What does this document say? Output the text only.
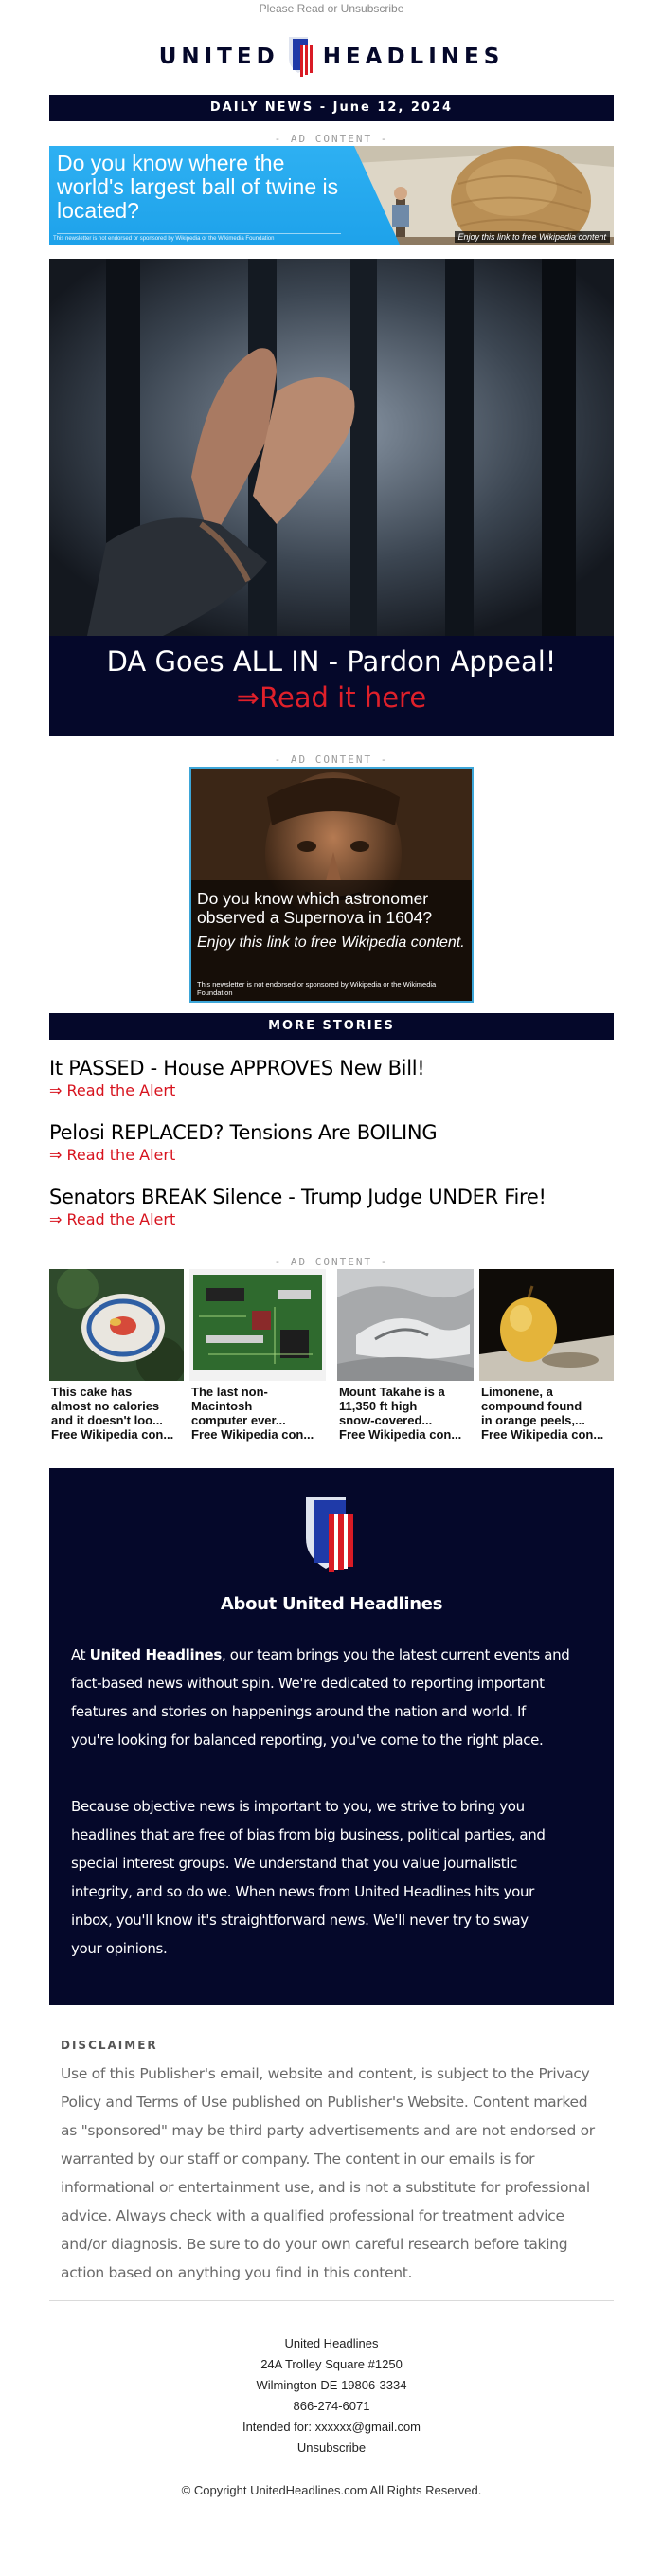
Please Read or Unsubscribe
UNITED HEADLINES
DAILY NEWS - June 12, 2024
- AD CONTENT -
Do you know where the world's largest ball of twine is located?
This newsletter is not endorsed or sponsored by Wikipedia or the Wikimedia Foundation	Enjoy this link to free Wikipedia content
DA Goes ALL IN - Pardon Appeal!
⇒Read it here
- AD CONTENT -
Do you know which astronomer observed a Supernova in 1604?
Enjoy this link to free Wikipedia content.
This newsletter is not endorsed or sponsored by Wikipedia or the Wikimedia Foundation
MORE STORIES
It PASSED - House APPROVES New Bill!
⇒ Read the Alert
Pelosi REPLACED? Tensions Are BOILING
⇒ Read the Alert
Senators BREAK Silence - Trump Judge UNDER Fire!
⇒ Read the Alert
- AD CONTENT -
This cake has
almost no calories
and it doesn't loo...
Free Wikipedia con...
The last non-
Macintosh
computer ever...
Free Wikipedia con...
Mount Takahe is a
11,350 ft high
snow-covered...
Free Wikipedia con...
Limonene, a
compound found
in orange peels,...
Free Wikipedia con...
About United Headlines
At United Headlines, our team brings you the latest current events and
fact-based news without spin. We're dedicated to reporting important
features and stories on happenings around the nation and world. If
you're looking for balanced reporting, you've come to the right place.
Because objective news is important to you, we strive to bring you
headlines that are free of bias from big business, political parties, and
special interest groups. We understand that you value journalistic
integrity, and so do we. When news from United Headlines hits your
inbox, you'll know it's straightforward news. We'll never try to sway
your opinions.
DISCLAIMER
Use of this Publisher's email, website and content, is subject to the Privacy
Policy and Terms of Use published on Publisher's Website. Content marked
as "sponsored" may be third party advertisements and are not endorsed or
warranted by our staff or company. The content in our emails is for
informational or entertainment use, and is not a substitute for professional
advice. Always check with a qualified professional for treatment advice
and/or diagnosis. Be sure to do your own careful research before taking
action based on anything you find in this content.
United Headlines
24A Trolley Square #1250
Wilmington DE 19806-3334
866-274-6071
Intended for: xxxxxx@gmail.com
Unsubscribe
© Copyright UnitedHeadlines.com All Rights Reserved.
